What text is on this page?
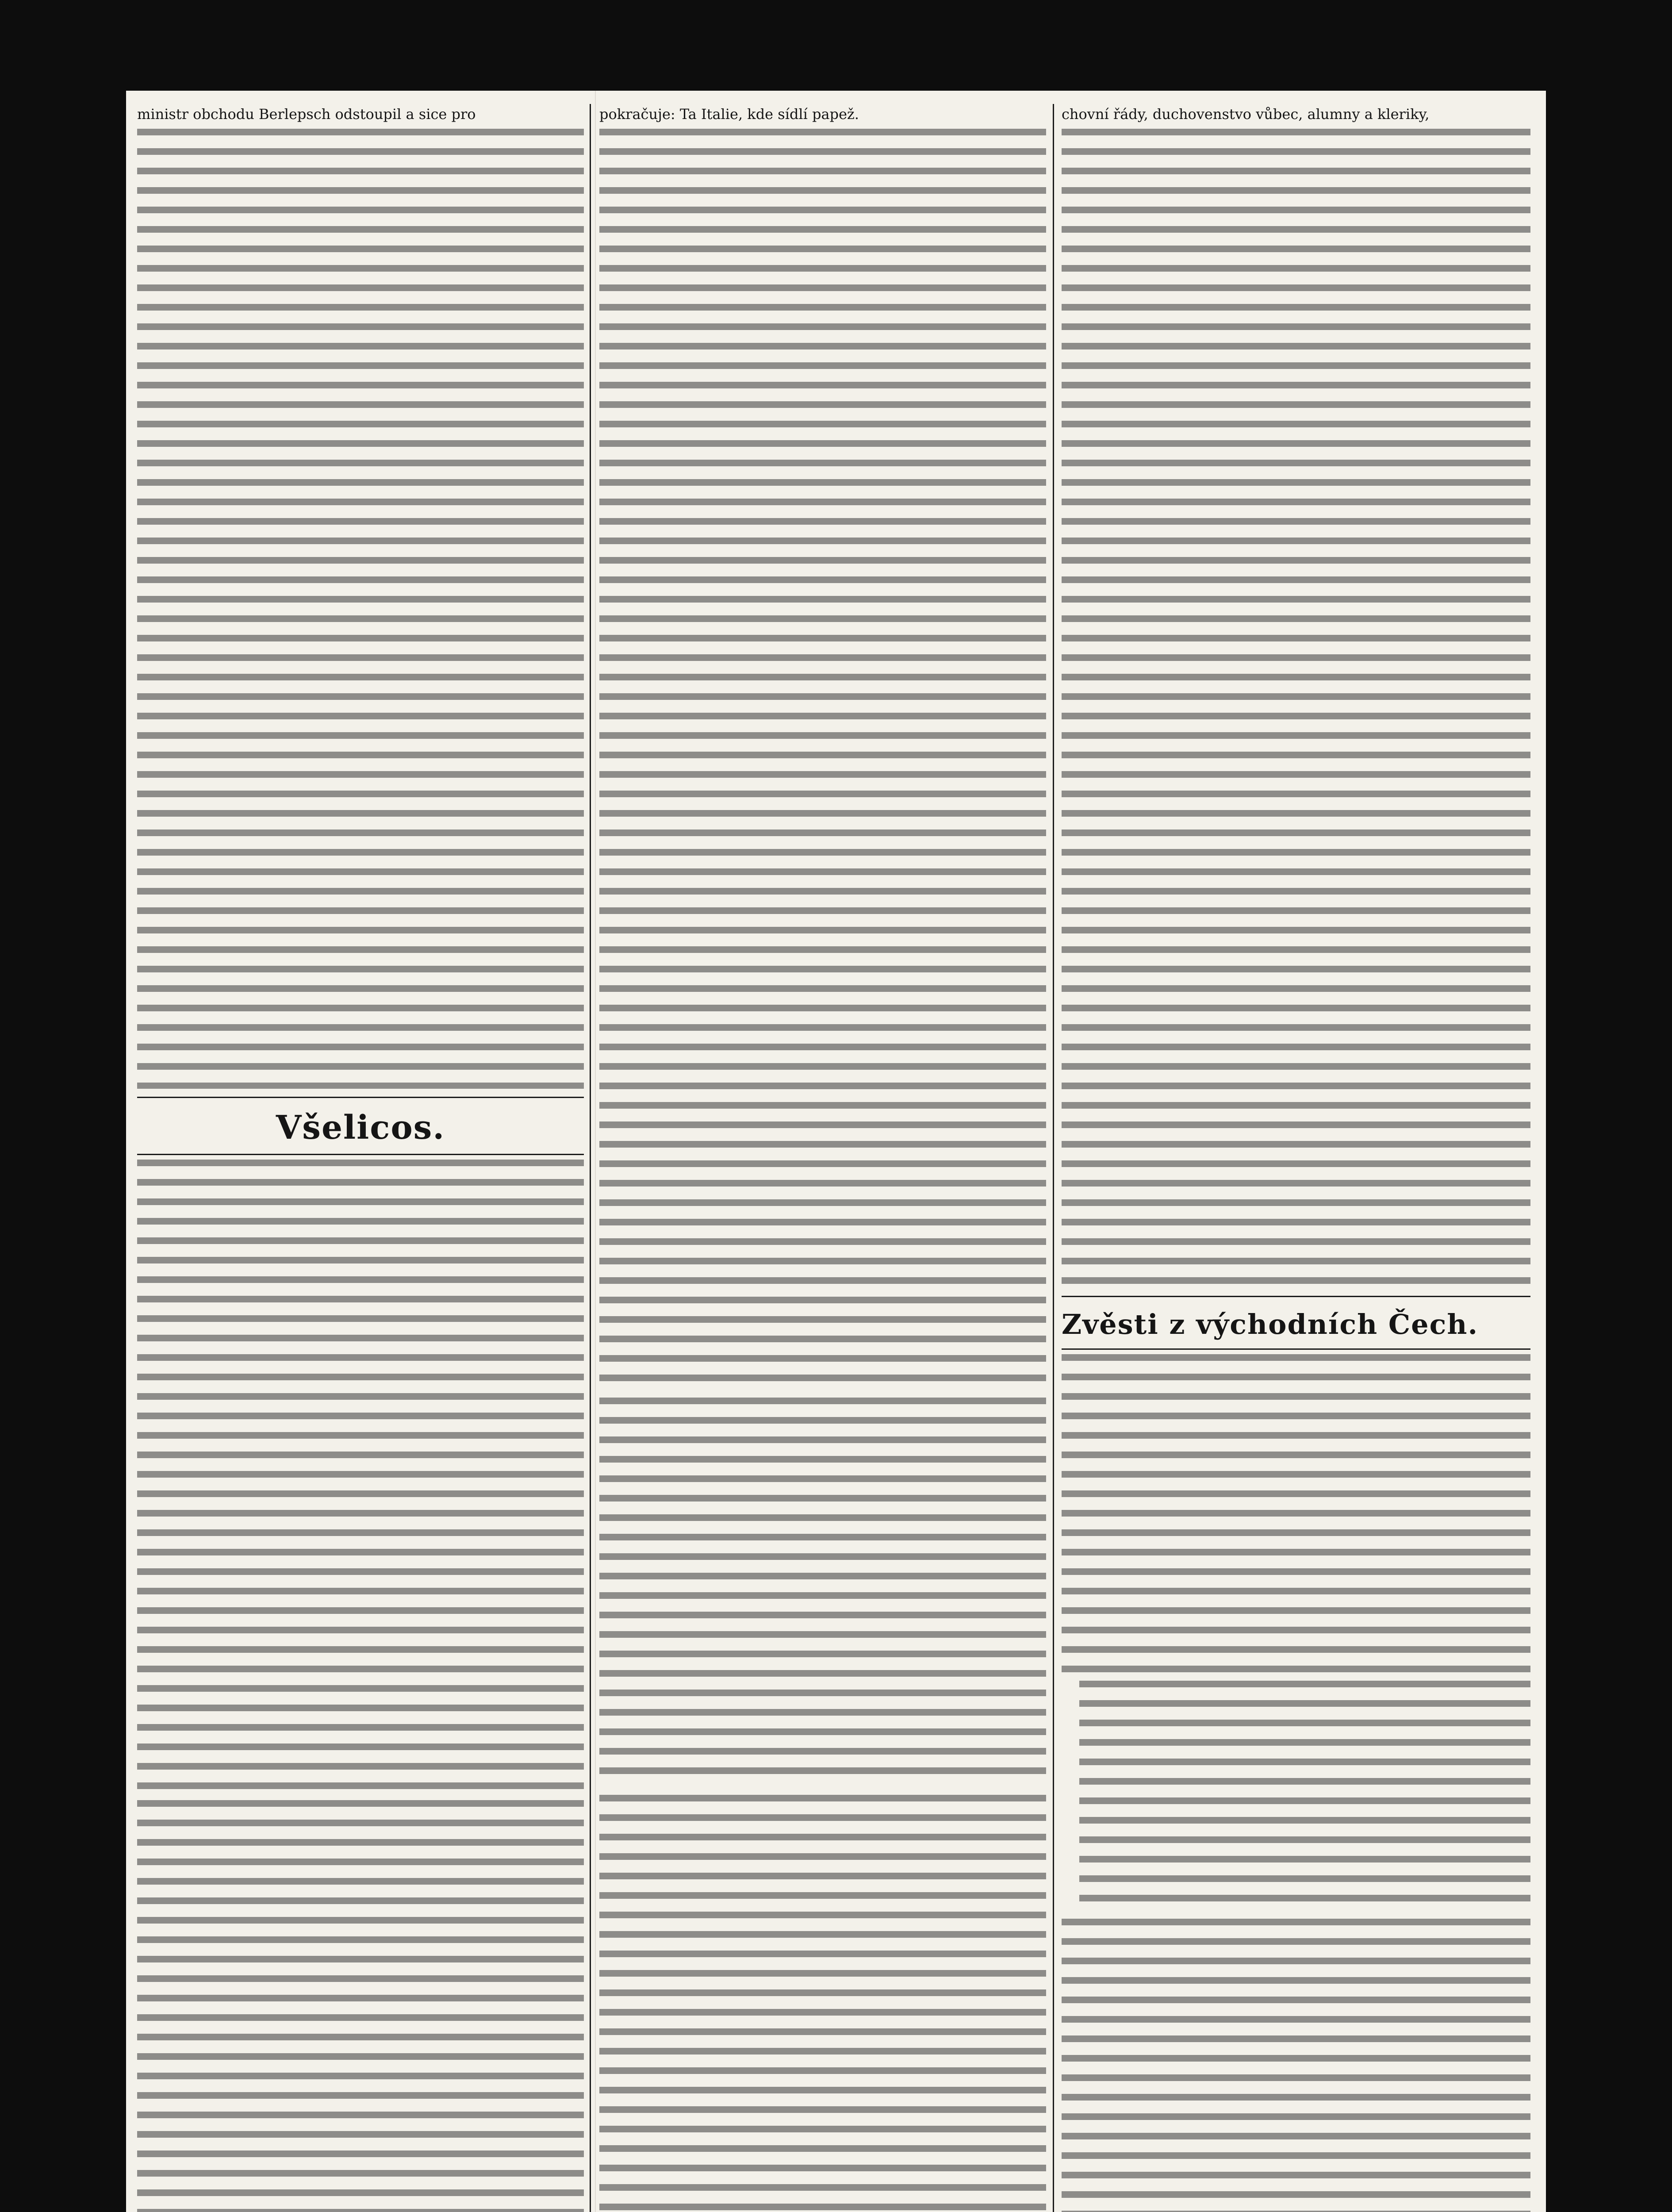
ministr obchodu Berlepsch odstoupil a sice pro

Všelicos.

pokračuje: Ta Italie, kde sídlí papež.	chovní řády, duchovenstvo vůbec, alumny a kleriky,

Zvěsti z východních Čech.
